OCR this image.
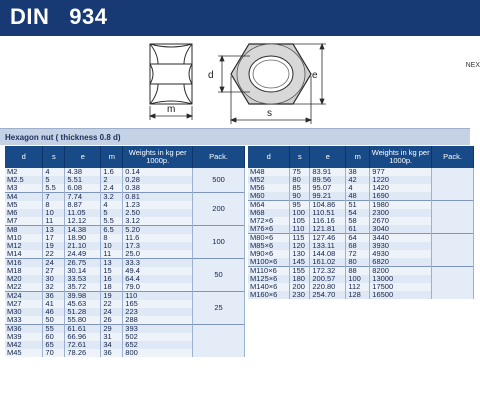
DIN   934
m
d	e
s
NEX
Hexagon nut ( thickness 0.8 d)
d	s	e	m	Weights in kg per 1000p.	Pack.
M2	4	4.38	1.6	0.14	500
M2.5	5	5.51	2	0.28	
M3	5.5	6.08	2.4	0.38	
M4	7	7.74	3.2	0.81	200
M5	8	8.87	4	1.23	
M6	10	11.05	5	2.50	
M7	11	12.12	5.5	3.12	
M8	13	14.38	6.5	5.20	100
M10	17	18.90	8	11.6	
M12	19	21.10	10	17.3	
M14	22	24.49	11	25.0	
M16	24	26.75	13	33.3	50
M18	27	30.14	15	49.4	
M20	30	33.53	16	64.4	
M22	32	35.72	18	79.0	
M24	36	39.98	19	110	25
M27	41	45.63	22	165	
M30	46	51.28	24	223	
M33	50	55.80	26	288	
M36	55	61.61	29	393	
M39	60	66.96	31	502	
M42	65	72.61	34	652	
M45	70	78.26	36	800	
d	s	e	m	Weights in kg per 1000p.	Pack.
M48	75	83.91	38	977	
M52	80	89.56	42	1220	
M56	85	95.07	4	1420	
M60	90	99.21	48	1690	
M64	95	104.86	51	1980	
M68	100	110.51	54	2300	
M72×6	105	116.16	58	2670	
M76×6	110	121.81	61	3040	
M80×6	115	127.46	64	3440	
M85×6	120	133.11	68	3930	
M90×6	130	144.08	72	4930	
M100×6	145	161.02	80	6820	
M110×6	155	172.32	88	8200	
M125×6	180	200.57	100	13000	
M140×6	200	220.80	112	17500	
M160×6	230	254.70	128	16500	
